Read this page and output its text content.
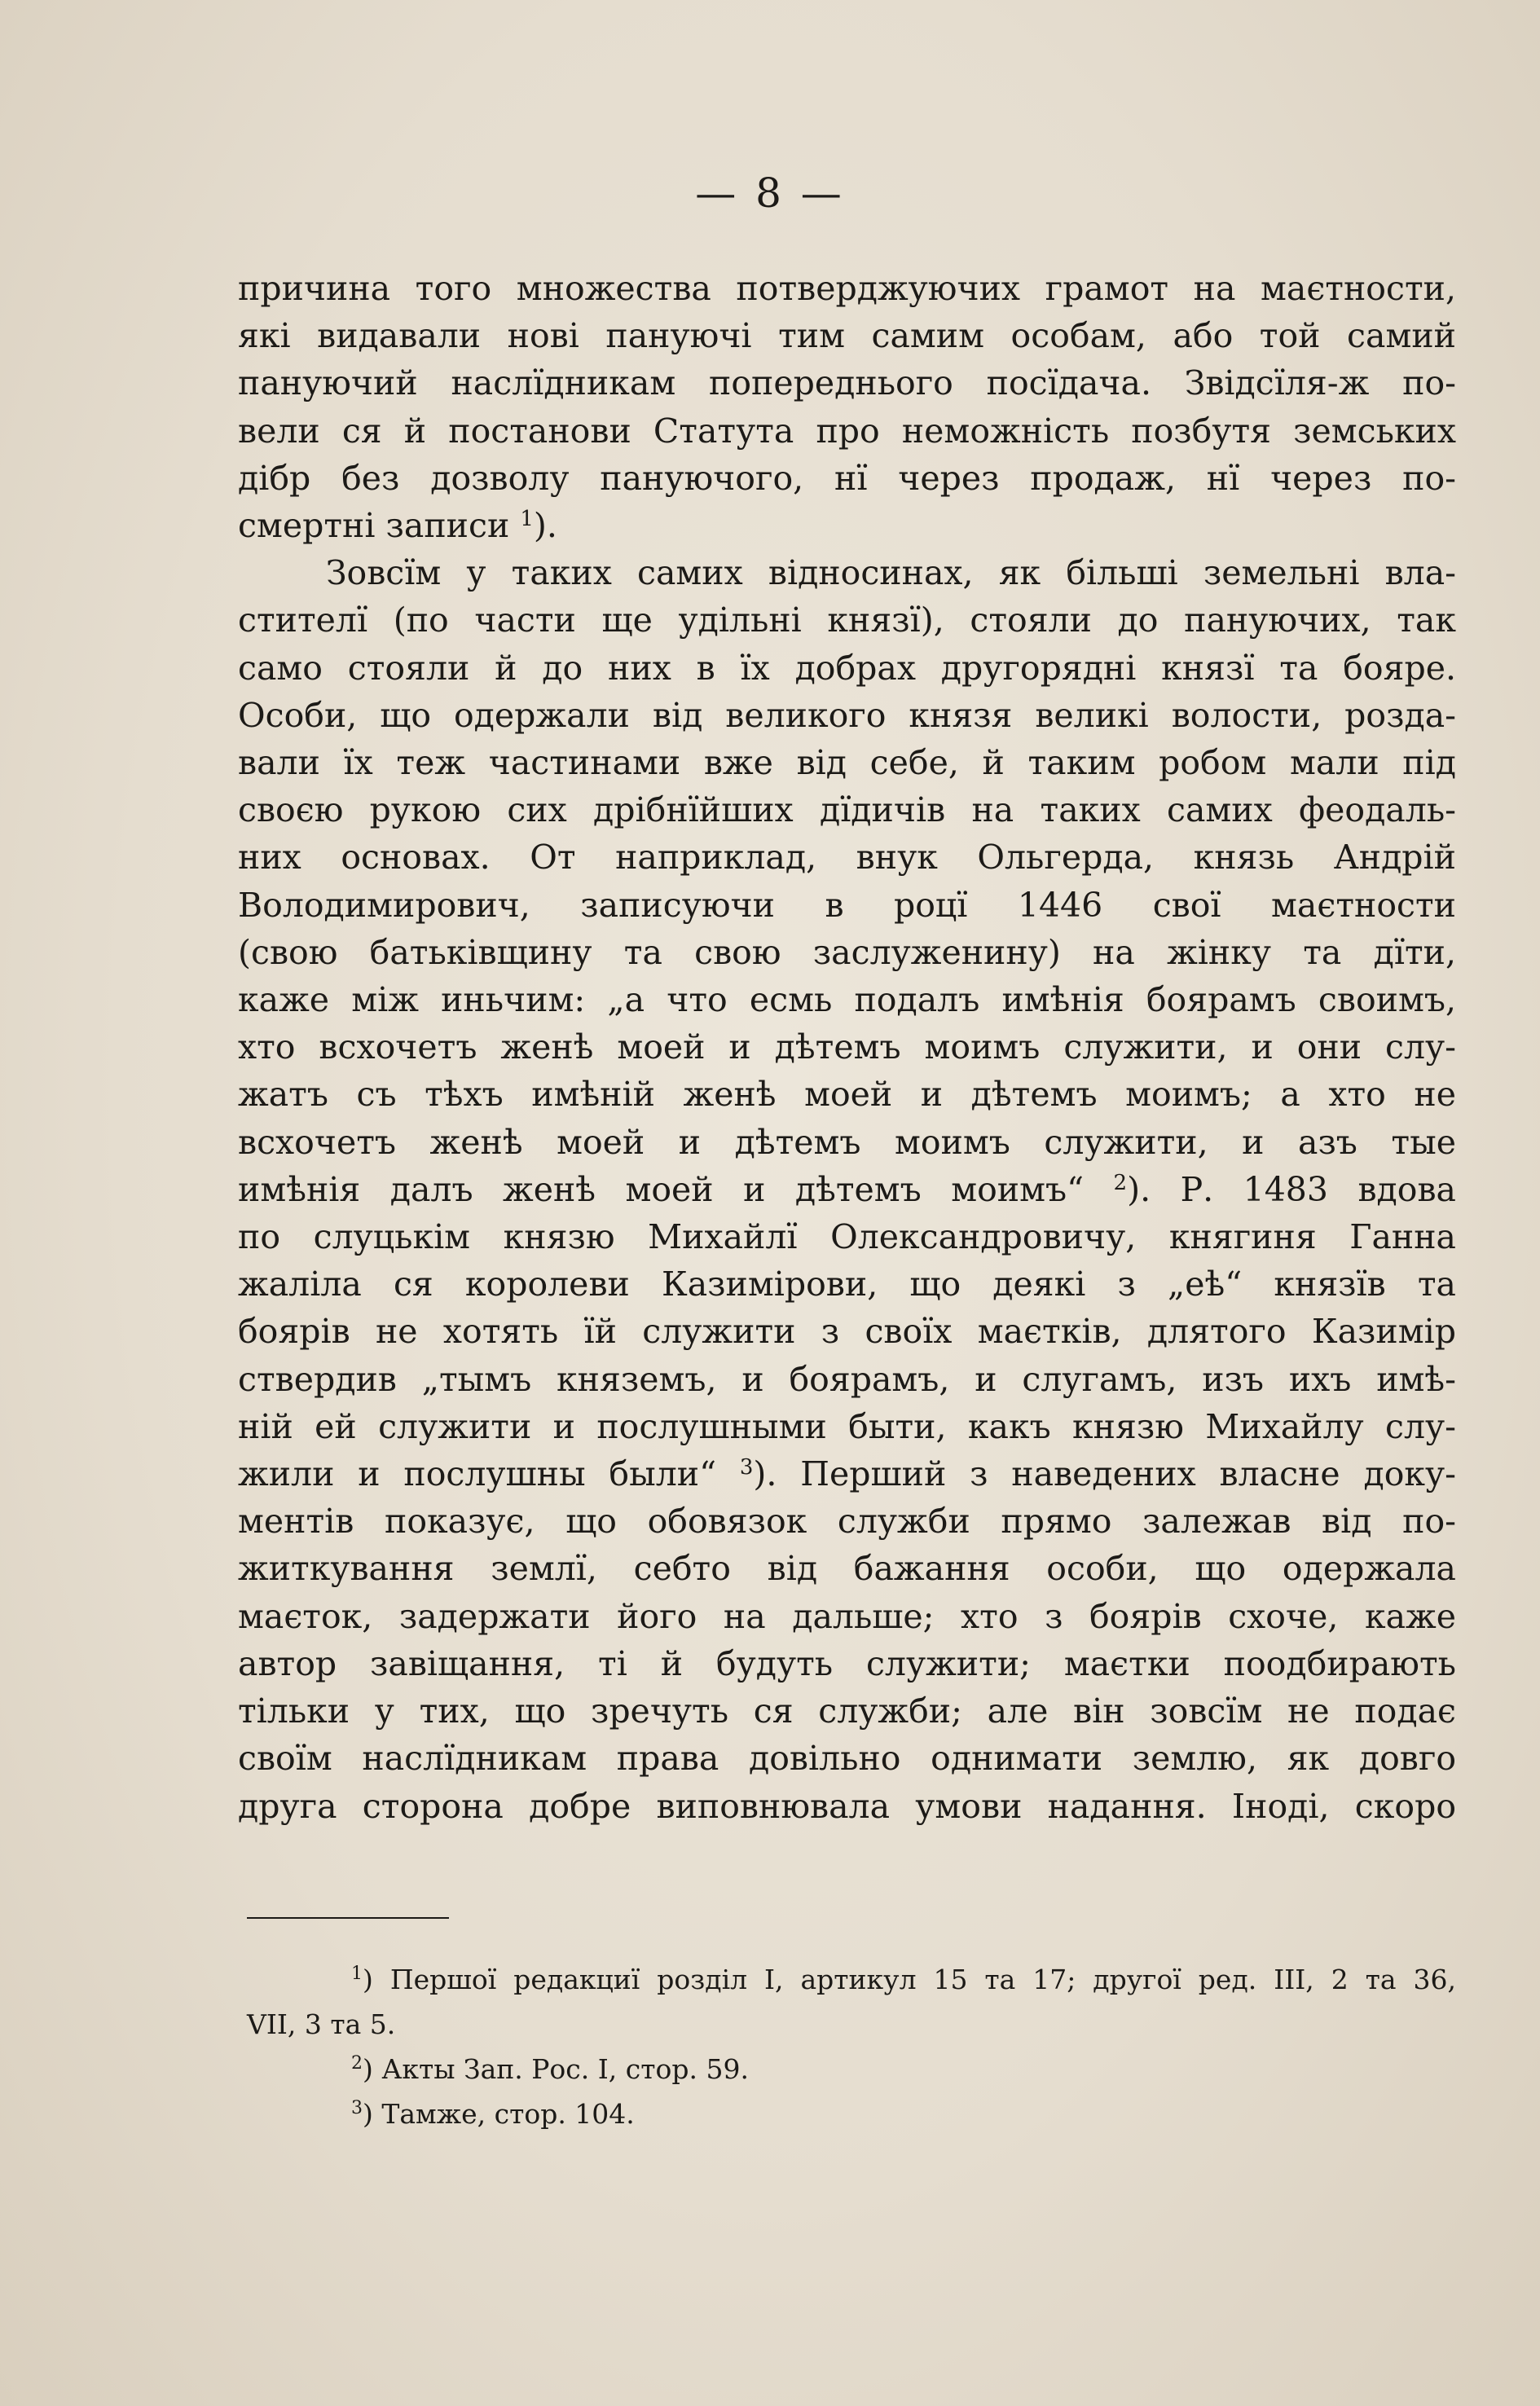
— 8 —

причина того множества потверджуючих грамот на маєтности,
які видавали нові пануючі тим самим особам, або той самий
пануючий наслїдникам попереднього посїдача. Звідсїля-ж по-
вели ся й постанови Статута про неможність позбутя земських
дібр без дозволу пануючого, нї через продаж, нї через по-
смертні записи $^1$).

Зовсїм у таких самих відносинах, як більші земельні вла-
стителї (по части ще удільні князї), стояли до пануючих, так
само стояли й до них в їх добрах другорядні князї та бояре.
Особи, що одержали від великого князя великі волости, розда-
вали їх теж частинами вже від себе, й таким робом мали під
своєю рукою сих дрібнїйших дїдичів на таких самих феодаль-
них основах. От наприклад, внук Ольгерда, князь Андрій
Володимирович, записуючи в роцї 1446 свої маєтности
(свою батьківщину та свою заслуженину) на жінку та дїти,
каже між иньчим: „а что есмь подалъ имѣнія боярамъ своимъ,
хто всхочетъ женѣ моей и дѣтемъ моимъ служити, и они слу-
жатъ съ тѣхъ имѣній женѣ моей и дѣтемъ моимъ; а хто не
всхочетъ женѣ моей и дѣтемъ моимъ служити, и азъ тые
имѣнія далъ женѣ моей и дѣтемъ моимъ“ $^2$). Р. 1483 вдова
по слуцькім князю Михайлї Олександровичу, княгиня Ганна
жаліла ся королеви Казимірови, що деякі з „еѣ“ князїв та
боярів не хотять їй служити з своїх маєтків, длятого Казимір
ствердив „тымъ княземъ, и боярамъ, и слугамъ, изъ ихъ имѣ-
ній ей служити и послушными быти, какъ князю Михайлу слу-
жили и послушны были“ $^3$). Перший з наведених власне доку-
ментів показує, що обовязок служби прямо залежав від по-
житкування землї, себто від бажання особи, що одержала
маєток, задержати його на дальше; хто з боярів схоче, каже
автор завіщання, ті й будуть служити; маєтки поодбирають
тільки у тих, що зречуть ся служби; але він зовсїм не подає
своїм наслїдникам права довільно однимати землю, як довго
друга сторона добре виповнювала умови надання. Іноді, скоро

$^1$) Першої редакциї розділ I, артикул 15 та 17; другої ред. III, 2 та 36,
VII, 3 та 5.
$^2$) Акты Зап. Рос. I, стор. 59.
$^3$) Тамже, стор. 104.
